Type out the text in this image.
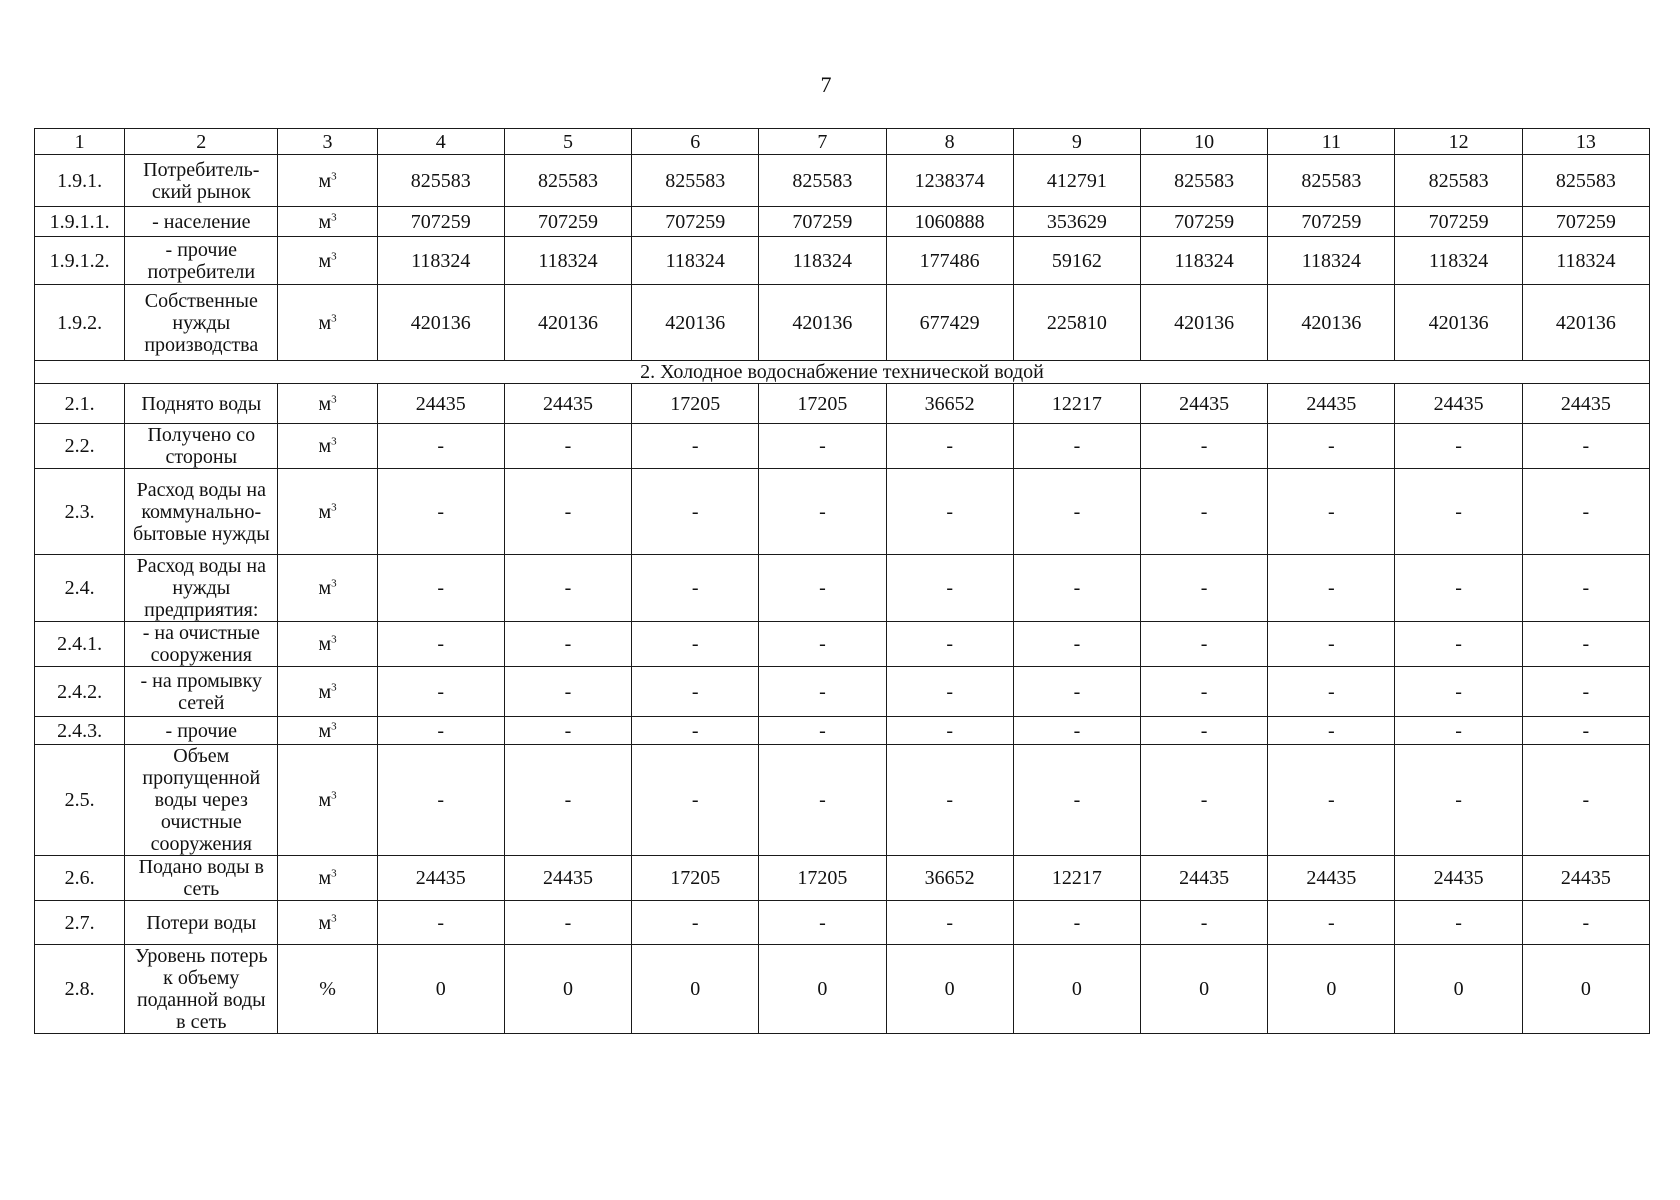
7
1	2	3	4	5	6	7	8	9	10	11	12	13
1.9.1.	Потребитель-ский рынок	$м^3$	825583	825583	825583	825583	1238374	412791	825583	825583	825583	825583
1.9.1.1.	- население	$м^3$	707259	707259	707259	707259	1060888	353629	707259	707259	707259	707259
1.9.1.2.	- прочие потребители	$м^3$	118324	118324	118324	118324	177486	59162	118324	118324	118324	118324
1.9.2.	Собственные нужды производства	$м^3$	420136	420136	420136	420136	677429	225810	420136	420136	420136	420136
2. Холодное водоснабжение технической водой												
2.1.	Поднято воды	$м^3$	24435	24435	17205	17205	36652	12217	24435	24435	24435	24435
2.2.	Получено со стороны	$м^3$	-	-	-	-	-	-	-	-	-	-
2.3.	Расход воды на коммунально-бытовые нужды	$м^3$	-	-	-	-	-	-	-	-	-	-
2.4.	Расход воды на нужды предприятия:	$м^3$	-	-	-	-	-	-	-	-	-	-
2.4.1.	- на очистные сооружения	$м^3$	-	-	-	-	-	-	-	-	-	-
2.4.2.	- на промывку сетей	$м^3$	-	-	-	-	-	-	-	-	-	-
2.4.3.	- прочие	$м^3$	-	-	-	-	-	-	-	-	-	-
2.5.	Объем пропущенной воды через очистные сооружения	$м^3$	-	-	-	-	-	-	-	-	-	-
2.6.	Подано воды в сеть	$м^3$	24435	24435	17205	17205	36652	12217	24435	24435	24435	24435
2.7.	Потери воды	$м^3$	-	-	-	-	-	-	-	-	-	-
2.8.	Уровень потерь к объему поданной воды в сеть	%	0	0	0	0	0	0	0	0	0	0
